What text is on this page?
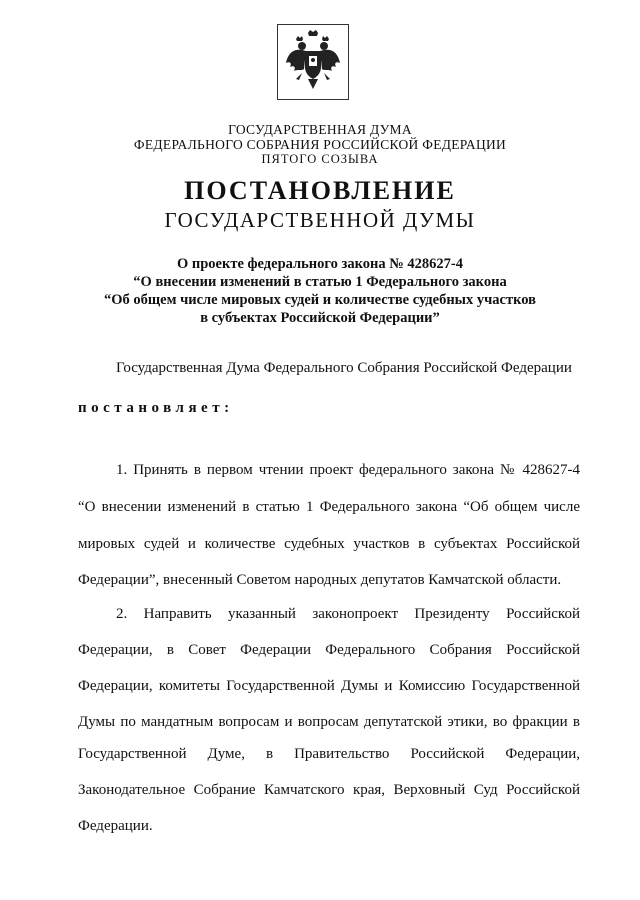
ГОСУДАРСТВЕННАЯ ДУМА
ФЕДЕРАЛЬНОГО СОБРАНИЯ РОССИЙСКОЙ ФЕДЕРАЦИИ
ПЯТОГО СОЗЫВА
ПОСТАНОВЛЕНИЕ
ГОСУДАРСТВЕННОЙ ДУМЫ
О проекте федерального закона № 428627-4
“О внесении изменений в статью 1 Федерального закона
“Об общем числе мировых судей и количестве судебных участков
в субъектах Российской Федерации”
Государственная Дума Федерального Собрания Российской Федерации
постановляет:
1. Принять в первом чтении проект федерального закона № 428627-4
“О внесении изменений в статью 1 Федерального закона “Об общем числе
мировых судей и количестве судебных участков в субъектах Российской
Федерации”, внесенный Советом народных депутатов Камчатской области.
2. Направить указанный законопроект Президенту Российской
Федерации, в Совет Федерации Федерального Собрания Российской
Федерации, комитеты Государственной Думы и Комиссию Государственной
Думы по мандатным вопросам и вопросам депутатской этики, во фракции в
Государственной Думе, в Правительство Российской Федерации,
Законодательное Собрание Камчатского края, Верховный Суд Российской
Федерации.
